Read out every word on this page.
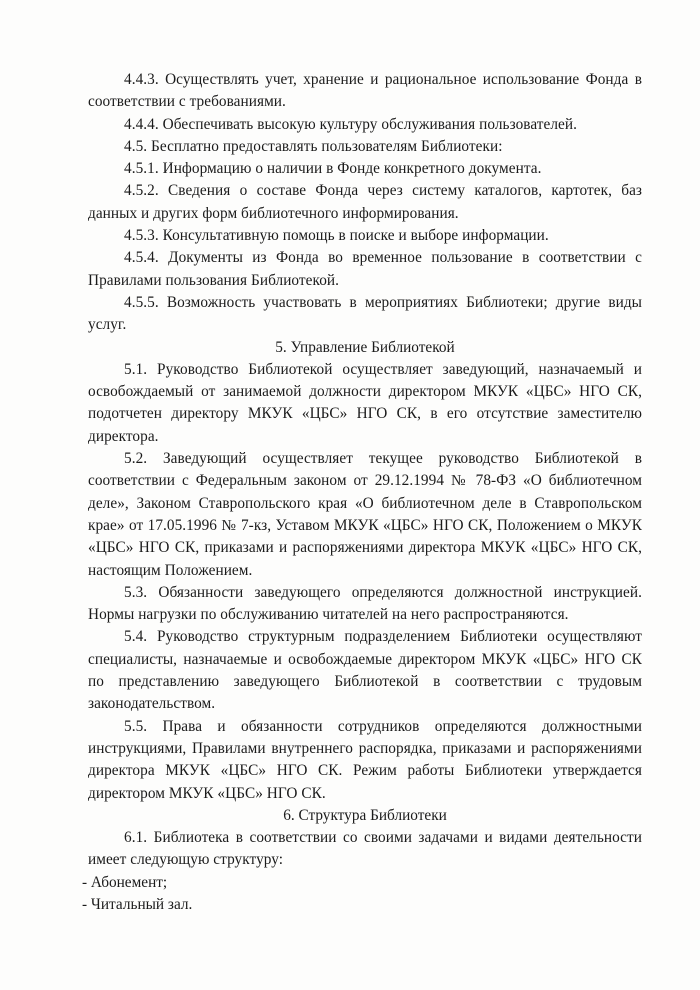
4.4.3. Осуществлять учет, хранение и рациональное использование Фонда в соответствии с требованиями.

4.4.4. Обеспечивать высокую культуру обслуживания пользователей.

4.5. Бесплатно предоставлять пользователям Библиотеки:

4.5.1. Информацию о наличии в Фонде конкретного документа.

4.5.2. Сведения о составе Фонда через систему каталогов, картотек, баз данных и других форм библиотечного информирования.

4.5.3. Консультативную помощь в поиске и выборе информации.

4.5.4. Документы из Фонда во временное пользование в соответствии с Правилами пользования Библиотекой.

4.5.5. Возможность участвовать в мероприятиях Библиотеки; другие виды услуг.

5. Управление Библиотекой

5.1. Руководство Библиотекой осуществляет заведующий, назначаемый и освобождаемый от занимаемой должности директором МКУК «ЦБС» НГО СК, подотчетен директору МКУК «ЦБС» НГО СК, в его отсутствие заместителю директора.

5.2. Заведующий осуществляет текущее руководство Библиотекой в соответствии с Федеральным законом от 29.12.1994 № 78-ФЗ «О библиотечном деле», Законом Ставропольского края «О библиотечном деле в Ставропольском крае» от 17.05.1996 № 7-кз, Уставом МКУК «ЦБС» НГО СК, Положением о МКУК «ЦБС» НГО СК, приказами и распоряжениями директора МКУК «ЦБС» НГО СК, настоящим Положением.

5.3. Обязанности заведующего определяются должностной инструкцией. Нормы нагрузки по обслуживанию читателей на него распространяются.

5.4. Руководство структурным подразделением Библиотеки осуществляют специалисты, назначаемые и освобождаемые директором МКУК «ЦБС» НГО СК по представлению заведующего Библиотекой в соответствии с трудовым законодательством.

5.5. Права и обязанности сотрудников определяются должностными инструкциями, Правилами внутреннего распорядка, приказами и распоряжениями директора МКУК «ЦБС» НГО СК. Режим работы Библиотеки утверждается директором МКУК «ЦБС» НГО СК.

6. Структура Библиотеки

6.1. Библиотека в соответствии со своими задачами и видами деятельности имеет следующую структуру:

- Абонемент;

- Читальный зал.
